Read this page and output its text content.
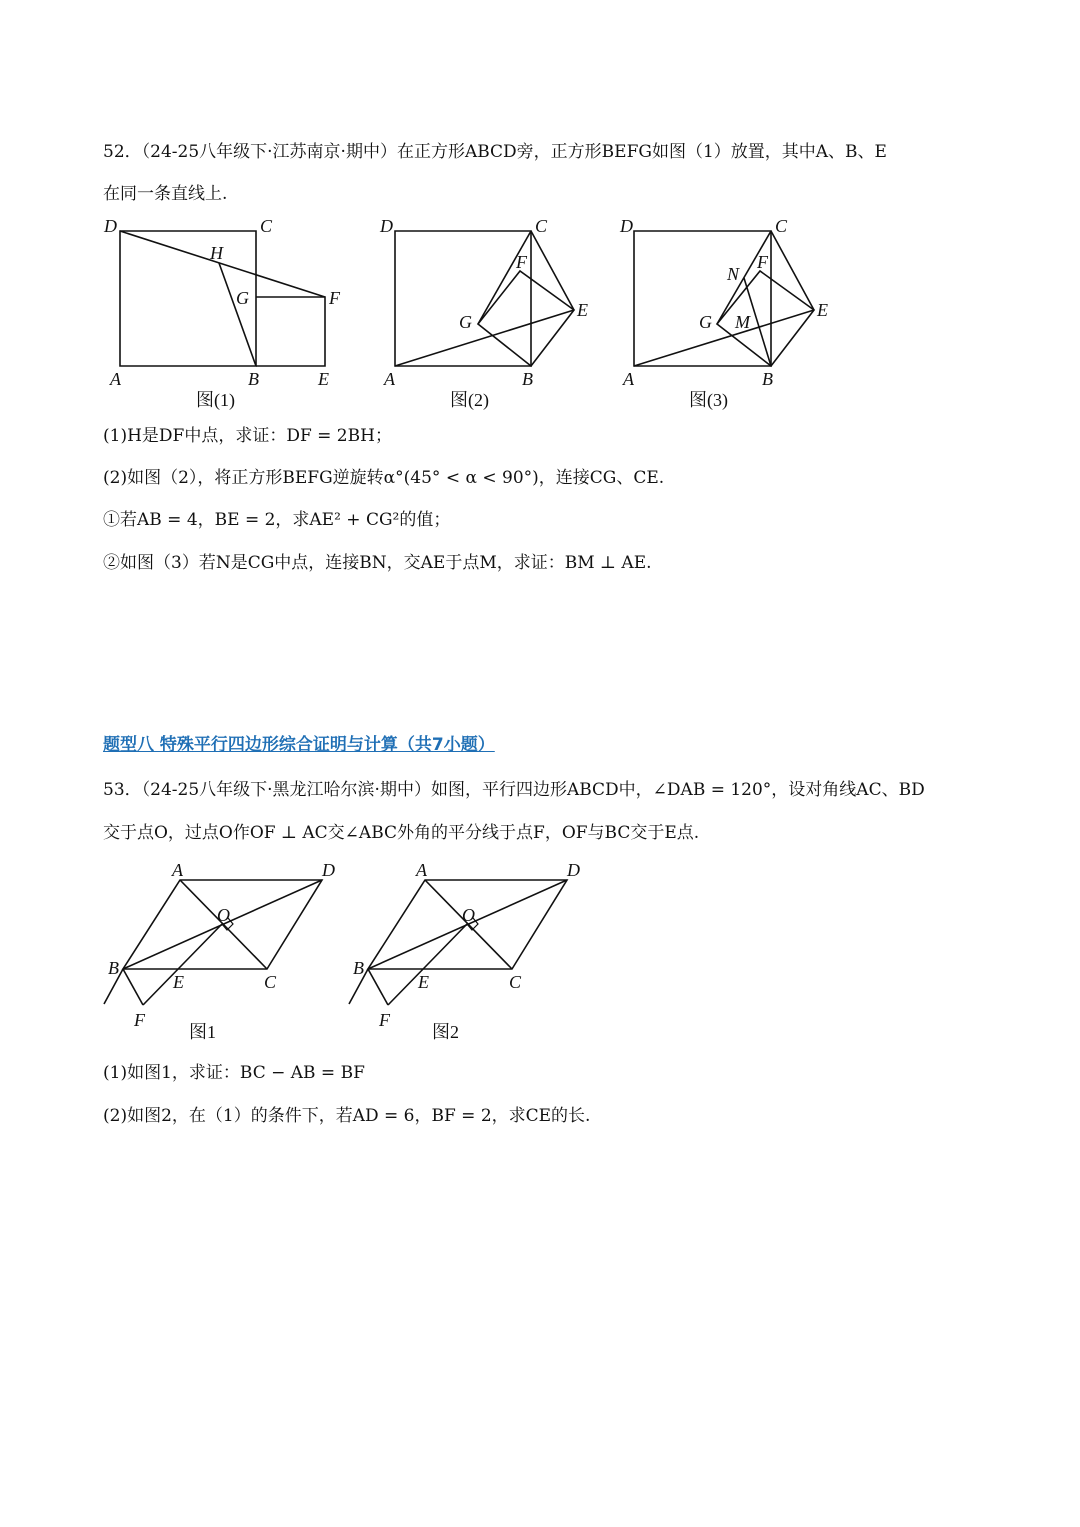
52．（24-25八年级下·江苏南京·期中）在正方形ABCD旁，正方形BEFG如图（1）放置，其中A、B、E
在同一条直线上.
D	C
H
G	F
A	B	E
图(1)
D	C
F
G
E
A	B
图(2)
D	C
N
F
G M
E
A	B
图(3)
(1)H是DF中点，求证：DF = 2BH；
(2)如图（2），将正方形BEFG逆旋转α°(45° < α < 90°)，连接CG、CE.
①若AB = 4，BE = 2，求AE² + CG²的值；
②如图（3）若N是CG中点，连接BN，交AE于点M，求证：BM ⊥ AE.
题型八 特殊平行四边形综合证明与计算（共7小题）
53．（24-25八年级下·黑龙江哈尔滨·期中）如图，平行四边形ABCD中，∠DAB = 120°，设对角线AC、BD
交于点O，过点O作OF ⊥ AC交∠ABC外角的平分线于点F，OF与BC交于E点.
A	D
O
B
E	C
F
图1
A	D
O
B
E	C
F
图2
(1)如图1，求证：BC − AB = BF
(2)如图2，在（1）的条件下，若AD = 6，BF = 2，求CE的长.
